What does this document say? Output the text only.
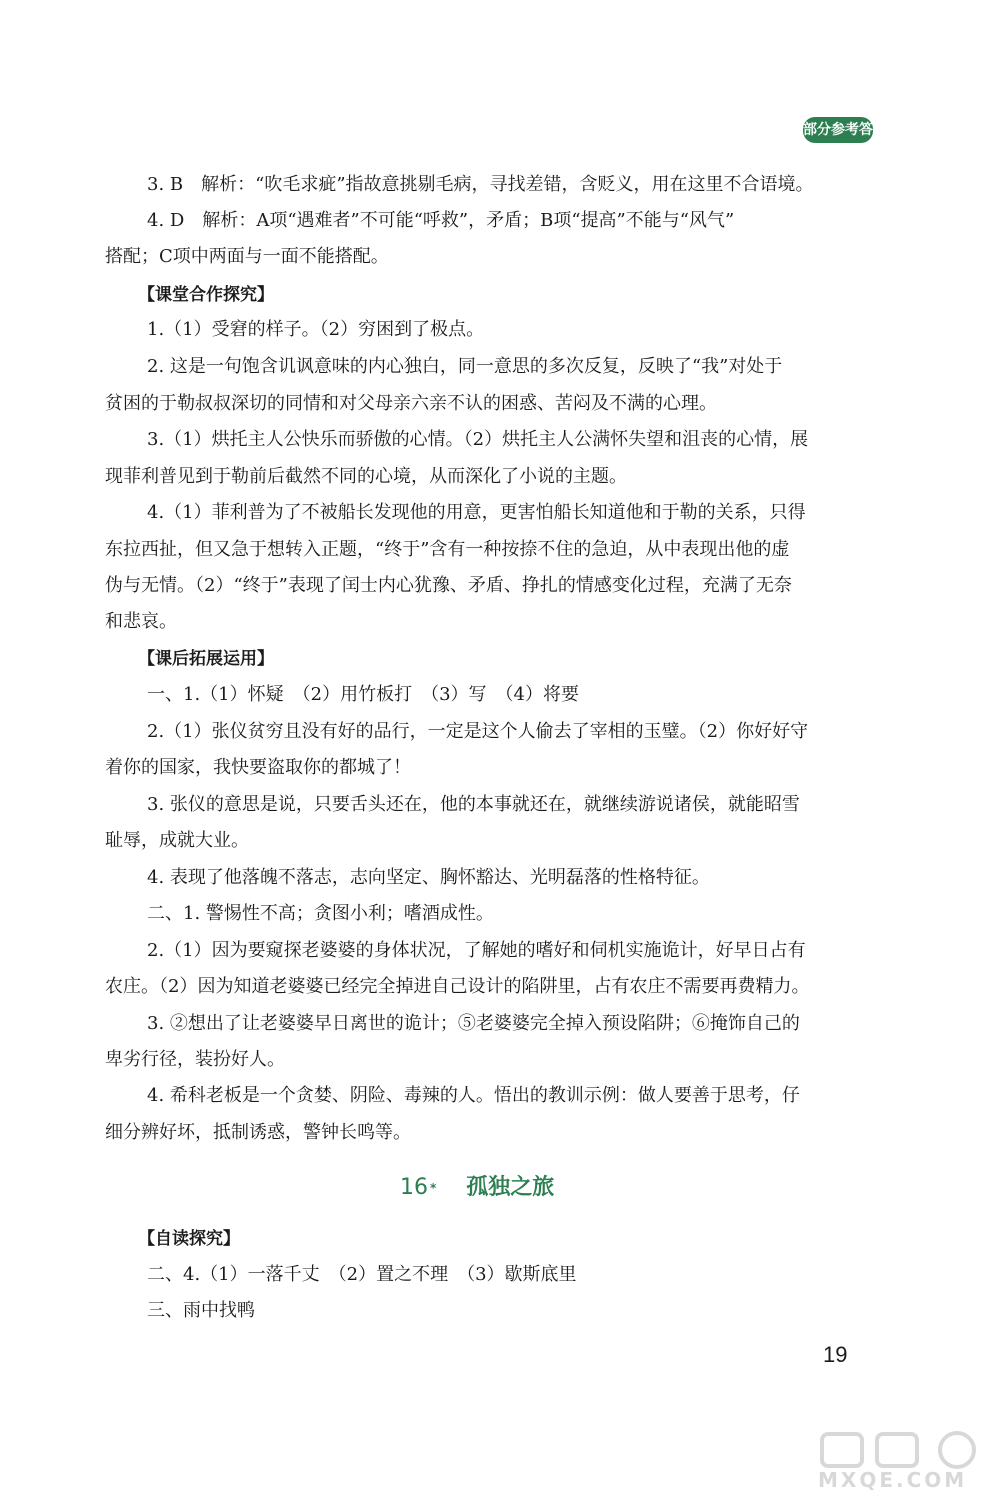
部分参考答案
3. B　解析：“吹毛求疵”指故意挑剔毛病，寻找差错，含贬义，用在这里不合语境。
4. D　解析：A项“遇难者”不可能“呼救”，矛盾；B项“提高”不能与“风气”
搭配；C项中两面与一面不能搭配。
【课堂合作探究】
1.（1）受窘的样子。（2）穷困到了极点。
2. 这是一句饱含讥讽意味的内心独白，同一意思的多次反复，反映了“我”对处于
贫困的于勒叔叔深切的同情和对父母亲六亲不认的困惑、苦闷及不满的心理。
3.（1）烘托主人公快乐而骄傲的心情。（2）烘托主人公满怀失望和沮丧的心情，展
现菲利普见到于勒前后截然不同的心境，从而深化了小说的主题。
4.（1）菲利普为了不被船长发现他的用意，更害怕船长知道他和于勒的关系，只得
东拉西扯，但又急于想转入正题，“终于”含有一种按捺不住的急迫，从中表现出他的虚
伪与无情。（2）“终于”表现了闰士内心犹豫、矛盾、挣扎的情感变化过程，充满了无奈
和悲哀。
【课后拓展运用】
一、1.（1）怀疑　（2）用竹板打　（3）写　（4）将要
2.（1）张仪贫穷且没有好的品行，一定是这个人偷去了宰相的玉璧。（2）你好好守
着你的国家，我快要盗取你的都城了！
3. 张仪的意思是说，只要舌头还在，他的本事就还在，就继续游说诸侯，就能昭雪
耻辱，成就大业。
4. 表现了他落魄不落志，志向坚定、胸怀豁达、光明磊落的性格特征。
二、1. 警惕性不高；贪图小利；嗜酒成性。
2.（1）因为要窥探老婆婆的身体状况，了解她的嗜好和伺机实施诡计，好早日占有
农庄。（2）因为知道老婆婆已经完全掉进自己设计的陷阱里，占有农庄不需要再费精力。
3. ②想出了让老婆婆早日离世的诡计；⑤老婆婆完全掉入预设陷阱；⑥掩饰自己的
卑劣行径，装扮好人。
4. 希科老板是一个贪婪、阴险、毒辣的人。悟出的教训示例：做人要善于思考，仔
细分辨好坏，抵制诱惑，警钟长鸣等。
16 * 孤独之旅
【自读探究】
二、4.（1）一落千丈　（2）置之不理　（3）歇斯底里
三、雨中找鸭
19
MXQE.COM
